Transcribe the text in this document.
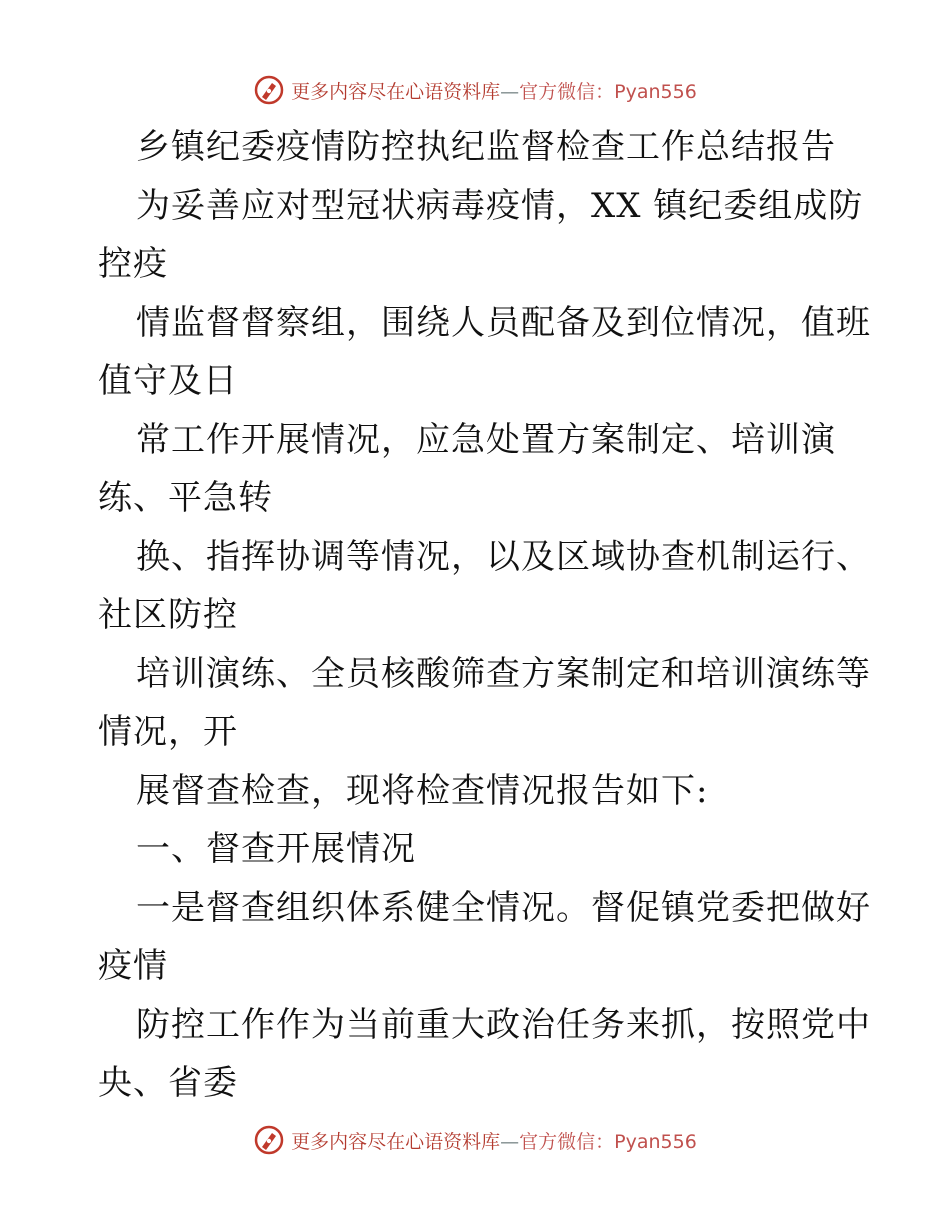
更多内容尽在心语资料库—官方微信：Pyan556
乡镇纪委疫情防控执纪监督检查工作总结报告
为妥善应对型冠状病毒疫情，XX 镇纪委组成防
控疫
情监督督察组，围绕人员配备及到位情况，值班
值守及日
常工作开展情况，应急处置方案制定、培训演
练、平急转
换、指挥协调等情况，以及区域协查机制运行、
社区防控
培训演练、全员核酸筛查方案制定和培训演练等
情况，开
展督查检查，现将检查情况报告如下:
一、督查开展情况
一是督查组织体系健全情况。督促镇党委把做好
疫情
防控工作作为当前重大政治任务来抓，按照党中
央、省委
更多内容尽在心语资料库—官方微信：Pyan556
